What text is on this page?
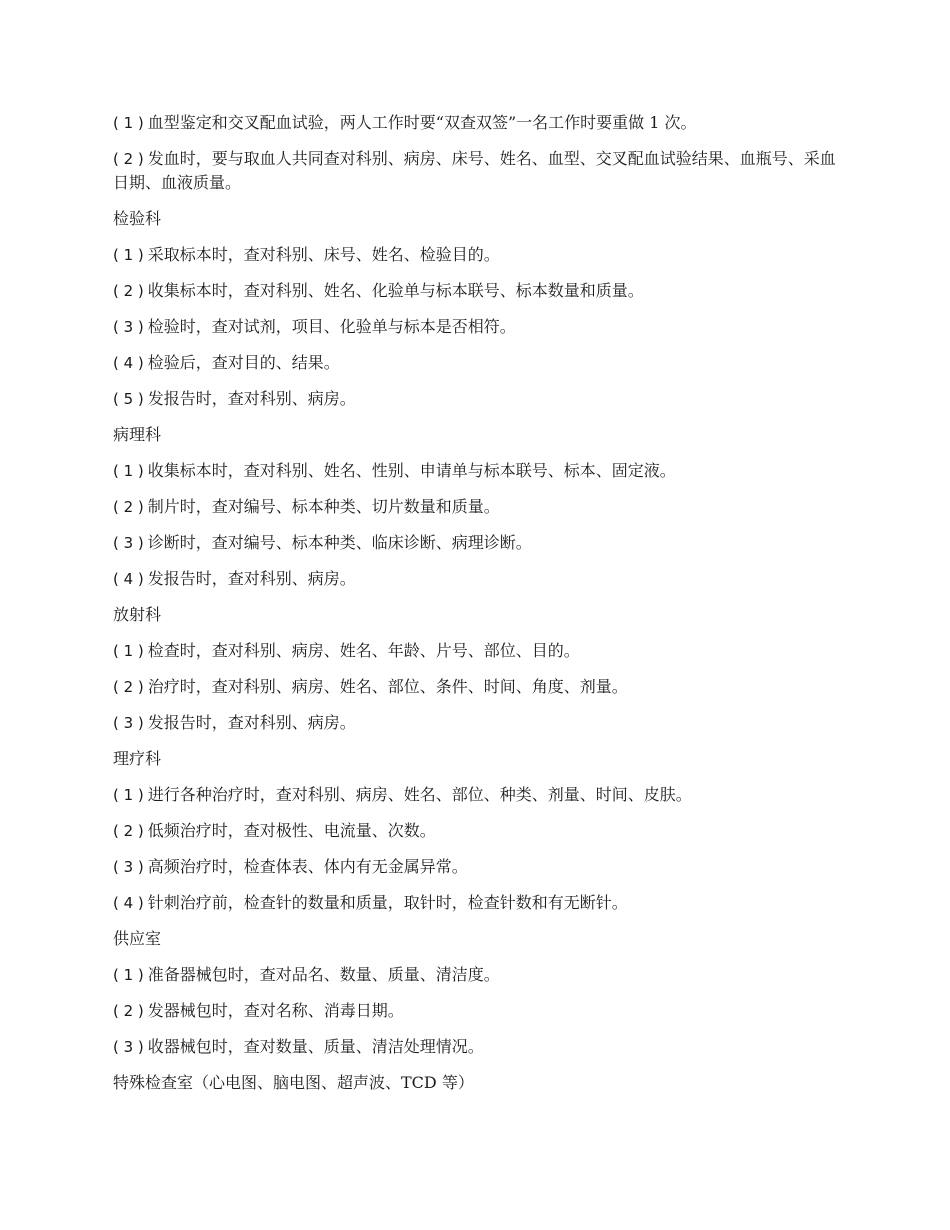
( 1 ) 血型鉴定和交叉配血试验，两人工作时要“双查双签”一名工作时要重做 1 次。
( 2 ) 发血时，要与取血人共同查对科别、病房、床号、姓名、血型、交叉配血试验结果、血瓶号、采血日期、血液质量。
检验科
( 1 ) 采取标本时，查对科别、床号、姓名、检验目的。
( 2 ) 收集标本时，查对科别、姓名、化验单与标本联号、标本数量和质量。
( 3 ) 检验时，查对试剂，项目、化验单与标本是否相符。
( 4 ) 检验后，查对目的、结果。
( 5 ) 发报告时，查对科别、病房。
病理科
( 1 ) 收集标本时，查对科别、姓名、性别、申请单与标本联号、标本、固定液。
( 2 ) 制片时，查对编号、标本种类、切片数量和质量。
( 3 ) 诊断时，查对编号、标本种类、临床诊断、病理诊断。
( 4 ) 发报告时，查对科别、病房。
放射科
( 1 ) 检查时，查对科别、病房、姓名、年龄、片号、部位、目的。
( 2 ) 治疗时，查对科别、病房、姓名、部位、条件、时间、角度、剂量。
( 3 ) 发报告时，查对科别、病房。
理疗科
( 1 ) 进行各种治疗时，查对科别、病房、姓名、部位、种类、剂量、时间、皮肤。
( 2 ) 低频治疗时，查对极性、电流量、次数。
( 3 ) 高频治疗时，检查体表、体内有无金属异常。
( 4 ) 针刺治疗前，检查针的数量和质量，取针时，检查针数和有无断针。
供应室
( 1 ) 准备器械包时，查对品名、数量、质量、清洁度。
( 2 ) 发器械包时，查对名称、消毒日期。
( 3 ) 收器械包时，查对数量、质量、清洁处理情况。
特殊检查室（心电图、脑电图、超声波、TCD 等）
